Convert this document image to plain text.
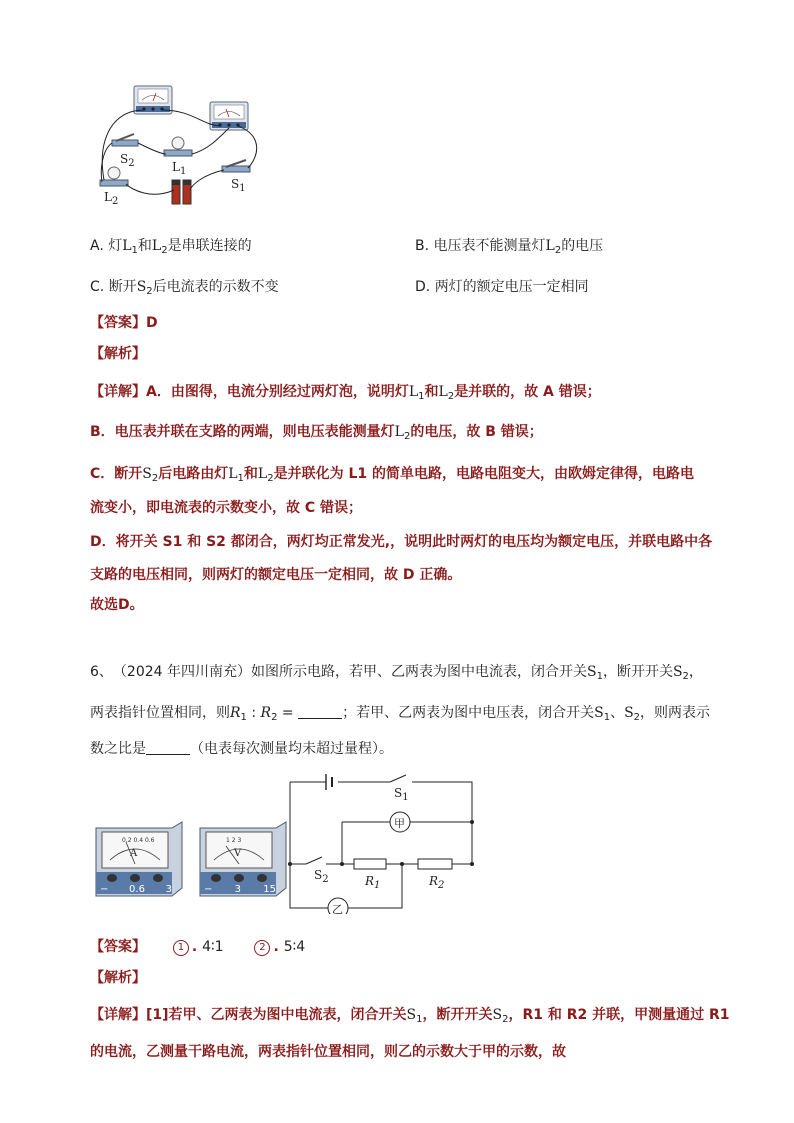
$S_2$	$L_1$
$S_1$
$L_2$
A. 灯$L_1$和$L_2$是串联连接的	B. 电压表不能测量灯$L_2$的电压
C. 断开$S_2$后电流表的示数不变	D. 两灯的额定电压一定相同
【答案】D
【解析】
【详解】A．由图得，电流分别经过两灯泡，说明灯$L_1$和$L_2$是并联的，故 A 错误；
B．电压表并联在支路的两端，则电压表能测量灯$L_2$的电压，故 B 错误；
C．断开$S_2$后电路由灯$L_1$和$L_2$是并联化为 L1 的简单电路，电路电阻变大，由欧姆定律得，电路电
流变小，即电流表的示数变小，故 C 错误；
D．将开关 S1 和 S2 都闭合，两灯均正常发光,，说明此时两灯的电压均为额定电压，并联电路中各
支路的电压相同，则两灯的额定电压一定相同，故 D 正确。
故选D。
6、　（2024 年四川南充）如图所示电路，若甲、乙两表为图中电流表，闭合开关$S_1$，断开开关$S_2$，
两表指针位置相同，则$R_1$ : $R_2$ =	；若甲、乙两表为图中电压表，闭合开关$S_1$、$S_2$，则两表示
数之比是	（电表每次测量均未超过量程）。
A
0.2 0.4 0.6
− 0.6 3
V
1 2 3
− 3 15
$S_1$
甲
$S_2$	$R_1$	$R_2$
乙
【答案】	1 . 4∶1	2 . 5∶4
【解析】
【详解】[1]若甲、乙两表为图中电流表，闭合开关$S_1$，断开开关$S_2$，R1 和 R2 并联，甲测量通过 R1
的电流，乙测量干路电流，两表指针位置相同，则乙的示数大于甲的示数，故
